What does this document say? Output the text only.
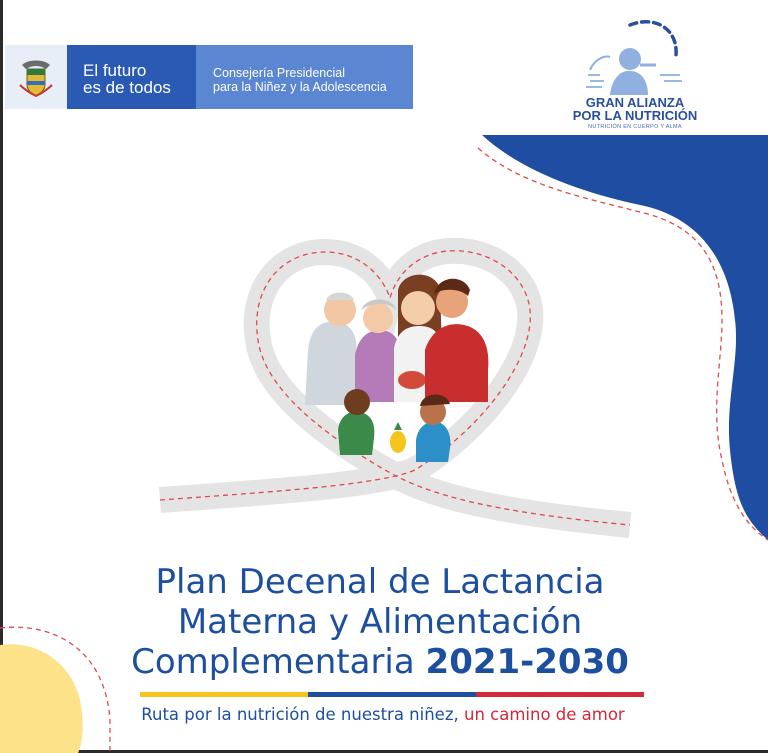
El futuro
es de todos
Consejería Presidencial
para la Niñez y la Adolescencia
GRAN ALIANZA
POR LA NUTRICIÓN
NUTRICIÓN EN CUERPO Y ALMA
Plan Decenal de Lactancia
Materna y Alimentación
Complementaria 2021-2030
Ruta por la nutrición de nuestra niñez, un camino de amor
